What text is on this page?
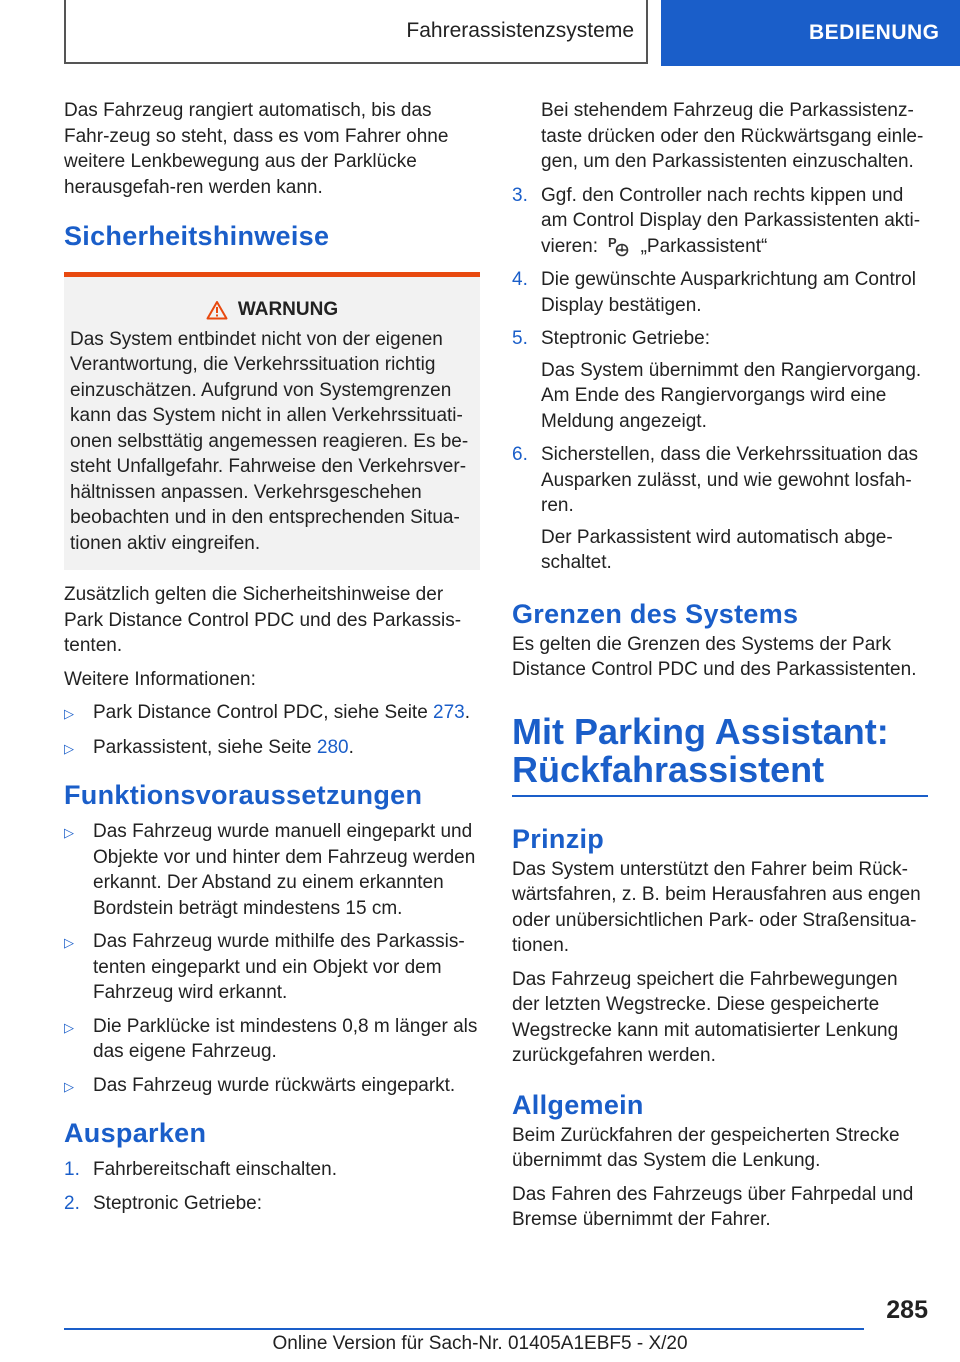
Fahrerassistenzsysteme	BEDIENUNG

Das Fahrzeug rangiert automatisch, bis das Fahr-zeug so steht, dass es vom Fahrer ohne weitere Lenkbewegung aus der Parklücke herausgefah-ren werden kann.

Sicherheitshinweise
WARNUNG
Das System entbindet nicht von der eigenen Verantwortung, die Verkehrssituation richtig einzuschätzen. Aufgrund von Systemgrenzen kann das System nicht in allen Verkehrssituati-onen selbsttätig angemessen reagieren. Es be-steht Unfallgefahr. Fahrweise den Verkehrsver-hältnissen anpassen. Verkehrsgeschehen beobachten und in den entsprechenden Situa-tionen aktiv eingreifen.

Zusätzlich gelten die Sicherheitshinweise der Park Distance Control PDC und des Parkassis-tenten.

Weitere Informationen:

▷	Park Distance Control PDC, siehe Seite 273.
▷	Parkassistent, siehe Seite 280.
Funktionsvoraussetzungen
▷	Das Fahrzeug wurde manuell eingeparkt und Objekte vor und hinter dem Fahrzeug werden erkannt. Der Abstand zu einem erkannten Bordstein beträgt mindestens 15 cm.
▷	Das Fahrzeug wurde mithilfe des Parkassis-tenten eingeparkt und ein Objekt vor dem Fahrzeug wird erkannt.
▷	Die Parklücke ist mindestens 0,8 m länger als das eigene Fahrzeug.
▷	Das Fahrzeug wurde rückwärts eingeparkt.
Ausparken
1. Fahrbereitschaft einschalten.
2. Steptronic Getriebe:

Bei stehendem Fahrzeug die Parkassistenz-taste drücken oder den Rückwärtsgang einle-gen, um den Parkassistenten einzuschalten.

3. Ggf. den Controller nach rechts kippen und am Control Display den Parkassistenten akti-vieren: P „Parkassistent“
4. Die gewünschte Ausparkrichtung am Control Display bestätigen.
5. Steptronic Getriebe:

Das System übernimmt den Rangiervorgang. Am Ende des Rangiervorgangs wird eine Meldung angezeigt.

6. Sicherstellen, dass die Verkehrssituation das Ausparken zulässt, und wie gewohnt losfah-ren.

Der Parkassistent wird automatisch abge-schaltet.

Grenzen des Systems

Es gelten die Grenzen des Systems der Park Distance Control PDC und des Parkassistenten.

Mit Parking Assistant:
Rückfahrassistent
Prinzip

Das System unterstützt den Fahrer beim Rück-wärtsfahren, z. B. beim Herausfahren aus engen oder unübersichtlichen Park- oder Straßensitua-tionen.

Das Fahrzeug speichert die Fahrbewegungen der letzten Wegstrecke. Diese gespeicherte Wegstrecke kann mit automatisierter Lenkung zurückgefahren werden.

Allgemein

Beim Zurückfahren der gespeicherten Strecke übernimmt das System die Lenkung.

Das Fahren des Fahrzeugs über Fahrpedal und Bremse übernimmt der Fahrer.

285
Online Version für Sach-Nr. 01405A1EBF5 - X/20
